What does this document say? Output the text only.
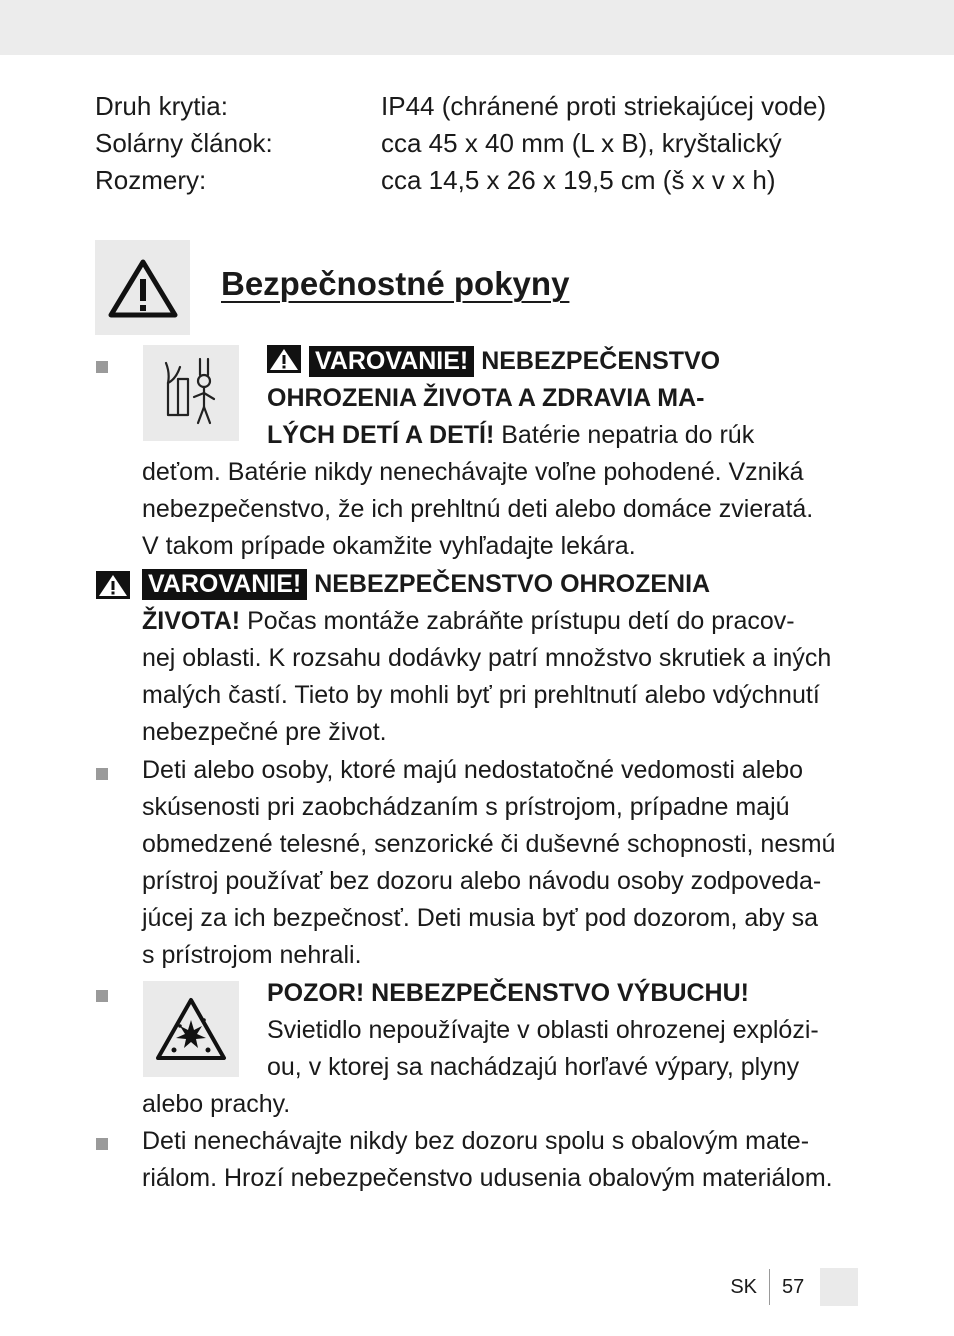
Druh krytia:	IP44 (chránené proti striekajúcej vode)
Solárny článok:	cca 45 x 40 mm (L x B), kryštalický
Rozmery:	cca 14,5 x 26 x 19,5 cm (š x v x h)
Bezpečnostné pokyny
VAROVANIE! NEBEZPEČENSTVO
OHROZENIA ŽIVOTA A ZDRAVIA MA-
LÝCH DETÍ A DETÍ! Batérie nepatria do rúk
deťom. Batérie nikdy nenechávajte voľne pohodené. Vzniká
nebezpečenstvo, že ich prehltnú deti alebo domáce zvieratá.
V takom prípade okamžite vyhľadajte lekára.
VAROVANIE! NEBEZPEČENSTVO OHROZENIA
ŽIVOTA! Počas montáže zabráňte prístupu detí do pracov-
nej oblasti. K rozsahu dodávky patrí množstvo skrutiek a iných
malých častí. Tieto by mohli byť pri prehltnutí alebo vdýchnutí
nebezpečné pre život.
Deti alebo osoby, ktoré majú nedostatočné vedomosti alebo
skúsenosti pri zaobchádzaním s prístrojom, prípadne majú
obmedzené telesné, senzorické či duševné schopnosti, nesmú
prístroj používať bez dozoru alebo návodu osoby zodpoveda-
júcej za ich bezpečnosť. Deti musia byť pod dozorom, aby sa
s prístrojom nehrali.
POZOR! NEBEZPEČENSTVO VÝBUCHU!
Svietidlo nepoužívajte v oblasti ohrozenej explózi-
ou, v ktorej sa nachádzajú horľavé výpary, plyny
alebo prachy.
Deti nenechávajte nikdy bez dozoru spolu s obalovým mate-
riálom. Hrozí nebezpečenstvo udusenia obalovým materiálom.
SK	57
